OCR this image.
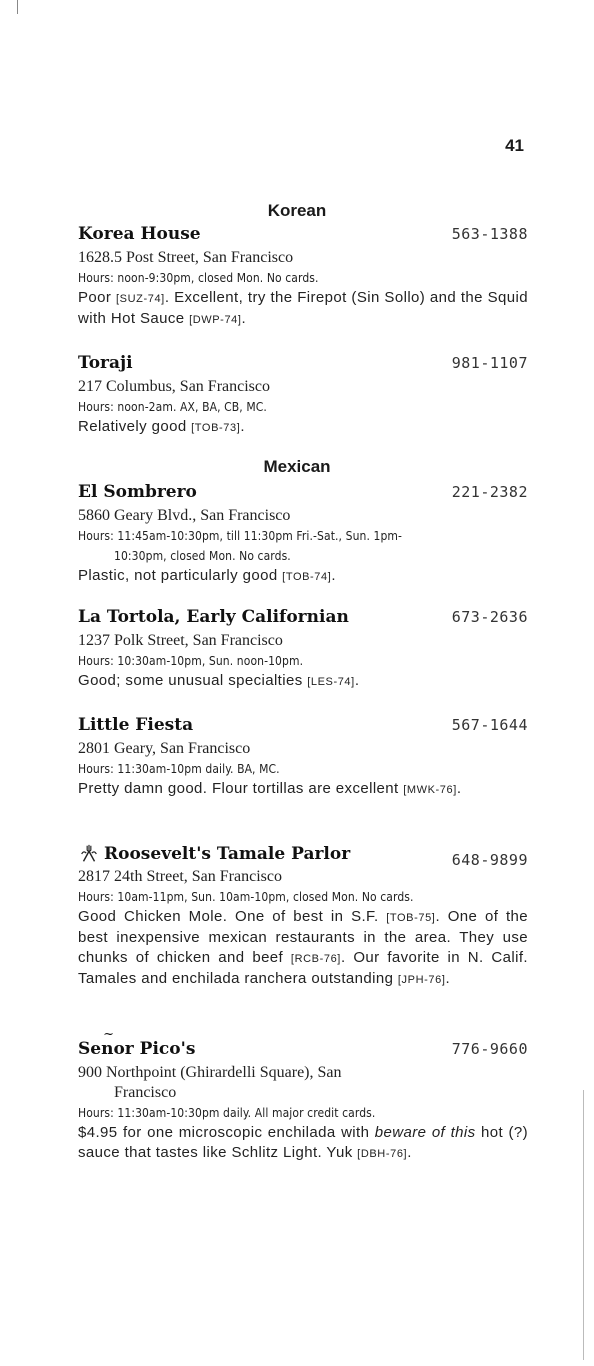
41
Korean
Korea House	563-1388
1628.5 Post Street, San Francisco
Hours: noon-9:30pm, closed Mon. No cards.
Poor [SUZ-74]. Excellent, try the Firepot (Sin Sollo) and the Squid with Hot Sauce [DWP-74].
Toraji	981-1107
217 Columbus, San Francisco
Hours: noon-2am. AX, BA, CB, MC.
Relatively good [TOB-73].
Mexican
El Sombrero	221-2382
5860 Geary Blvd., San Francisco
Hours: 11:45am-10:30pm, till 11:30pm Fri.-Sat., Sun. 1pm-
10:30pm, closed Mon. No cards.
Plastic, not particularly good [TOB-74].
La Tortola, Early Californian	673-2636
1237 Polk Street, San Francisco
Hours: 10:30am-10pm, Sun. noon-10pm.
Good; some unusual specialties [LES-74].
Little Fiesta	567-1644
2801 Geary, San Francisco
Hours: 11:30am-10pm daily. BA, MC.
Pretty damn good. Flour tortillas are excellent [MWK-76].
Roosevelt's Tamale Parlor	648-9899
2817 24th Street, San Francisco
Hours: 10am-11pm, Sun. 10am-10pm, closed Mon. No cards.
Good Chicken Mole. One of best in S.F. [TOB-75]. One of the best inexpensive mexican restaurants in the area. They use chunks of chicken and beef [RCB-76]. Our favorite in N. Calif. Tamales and enchilada ranchera outstanding [JPH-76].
Se~ nor Pico's	776-9660
900 Northpoint (Ghirardelli Square), San
Francisco
Hours: 11:30am-10:30pm daily. All major credit cards.
$4.95 for one microscopic enchilada with beware of this hot (?) sauce that tastes like Schlitz Light. Yuk [DBH-76].
